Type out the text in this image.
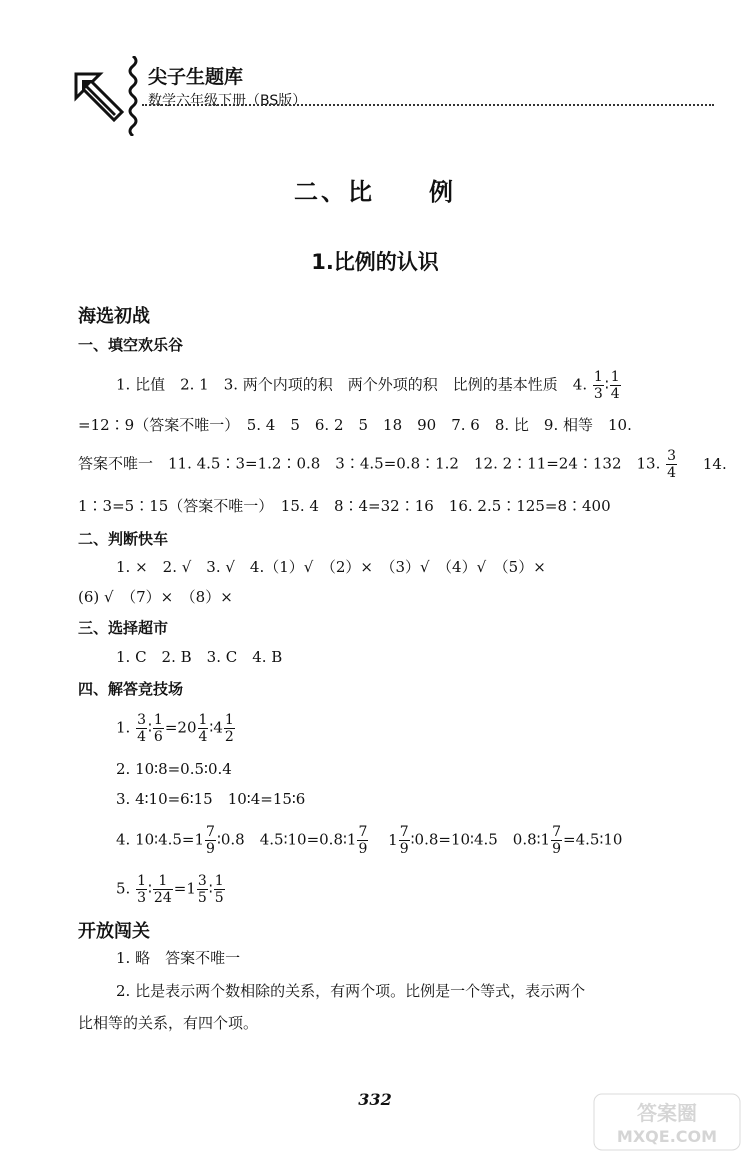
尖子生题库
数学六年级下册（BS版）
二、比　　例
1.比例的认识
海选初战
一、填空欢乐谷
1. 比值　2. 1　3. 两个内项的积　两个外项的积　比例的基本性质　4. $\frac{1}{3}$ ∶ $\frac{1}{4}$
=12∶9（答案不唯一）　5. 4　5　6. 2　5　18　90　7. 6　8. 比　9. 相等　10.
答案不唯一　11. 4.5∶3=1.2∶0.8　3∶4.5=0.8∶1.2　12. 2∶11=24∶132　13. $\frac{3}{4} 14$.
1∶3=5∶15（答案不唯一）　15. 4　8∶4=32∶16　16. 2.5∶125=8∶400
二、判断快车
1. ×　2. √　3. √　4.（1）√　（2）×　（3）√　（4）√　（5）×
(6) √　（7）×　（8）×
三、选择超市
1. C　2. B　3. C　4. B
四、解答竞技场
1. $\frac{3}{4}$ ∶ $\frac{1}{6} =20 \frac{1}{4}$ ∶4 $\frac{1}{2}$
2. 10∶8=0.5∶0.4
3. 4∶10=6∶15　10∶4=15∶6
4. 10∶4.5=1 $\frac{7}{9}$ ∶0.8　4.5∶10=0.8∶1 $\frac{7}{9} 1 \frac{7}{9}$ ∶0.8=10∶4.5　0.8∶1 $\frac{7}{9}$ =4.5∶10
5. $\frac{1}{3}$ ∶ $\frac{1}{24} =1 \frac{3}{5}$ ∶ $\frac{1}{5}$
开放闯关
1. 略　答案不唯一
2. 比是表示两个数相除的关系，有两个项。比例是一个等式，表示两个
比相等的关系，有四个项。
332
答案圈
MXQE.COM
